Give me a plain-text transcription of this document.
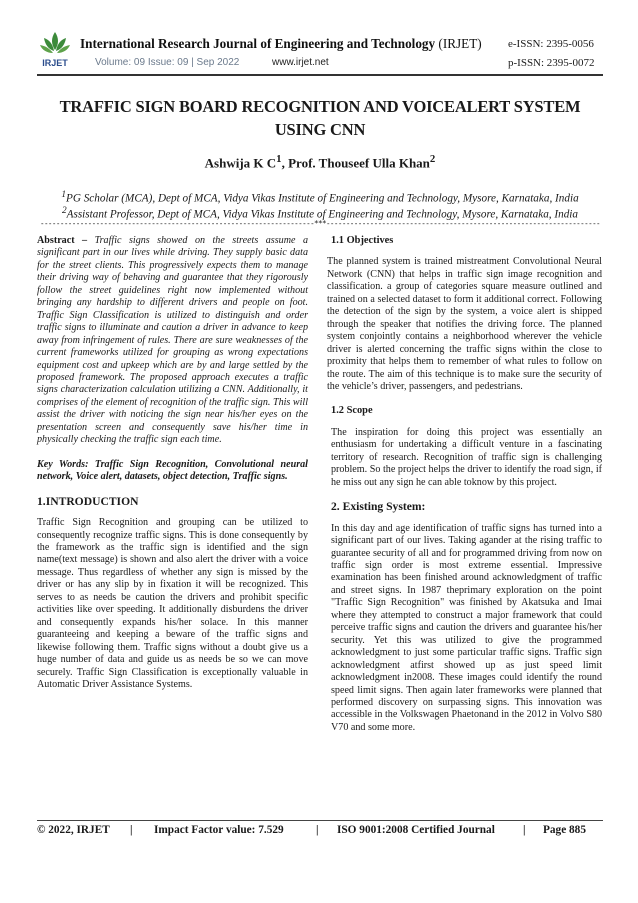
IRJET
International Research Journal of Engineering and Technology (IRJET) e-ISSN: 2395-0056
Volume: 09 Issue: 09 | Sep 2022	www.irjet.net	p-ISSN: 2395-0072
TRAFFIC SIGN BOARD RECOGNITION AND VOICEALERT SYSTEM USING CNN
Ashwija K $C^1$, Prof. Thouseef Ulla Khan$^2$
$^1$PG Scholar (MCA), Dept of MCA, Vidya Vikas Institute of Engineering and Technology, Mysore, Karnataka, India
$^2$Assistant Professor, Dept of MCA, Vidya Vikas Institute of Engineering and Technology, Mysore, Karnataka, India
---------------------------------------------------------------------***---------------------------------------------------------------------

Abstract – Traffic signs showed on the streets assume a significant part in our lives while driving. They supply basic data for the street clients. This progressively expects them to manage their driving way of behaving and guarantee that they rigorously follow the street guidelines right now implemented without bringing any hardship to different drivers and people on foot. Traffic Sign Classification is utilized to distinguish and order traffic signs to illuminate and caution a driver in advance to keep away from infringement of rules. There are sure weaknesses of the current frameworks utilized for grouping as wrong expectations equipment cost and upkeep which are by and large settled by the proposed framework. The proposed approach executes a traffic signs characterization calculation utilizing a CNN. Additionally, it comprises of the element of recognition of the traffic sign. This will assist the driver with noticing the sign near his/her eyes on the presentation screen and consequently save his/her time in physically checking the traffic sign each time.

Key Words: Traffic Sign Recognition, Convolutional neural network, Voice alert, datasets, object detection, Traffic signs.

1.INTRODUCTION

Traffic Sign Recognition and grouping can be utilized to consequently recognize traffic signs. This is done consequently by the framework as the traffic sign is identified and the sign name(text message) is shown and also alert the driver with a voice message. Thus regardless of whether any sign is missed by the driver or has any slip by in fixation it will be recognized. This serves to as needs be caution the drivers and prohibit specific activities like over speeding. It additionally disburdens the driver and consequently expands his/her solace. In this manner guaranteeing and keeping a beware of the traffic signs and likewise following them. Traffic signs without a doubt give us a huge number of data and guide us as needs be so we can move securely. Traffic Sign Classification is exceptionally valuable in Automatic Driver Assistance Systems.

1.1 Objectives

The planned system is trained mistreatment Convolutional Neural Network (CNN) that helps in traffic sign image recognition and classification. a group of categories square measure outlined and trained on a selected dataset to form it additional correct. Following the detection of the sign by the system, a voice alert is shipped through the speaker that notifies the driving force. The planned system conjointly contains a neighborhood wherever the vehicle driver is alerted concerning the traffic signs within the close to proximity that helps them to remember of what rules to follow on the route. The aim of this technique is to make sure the security of the vehicle’s driver, passengers, and pedestrians.

1.2 Scope

The inspiration for doing this project was essentially an enthusiasm for undertaking a difficult venture in a fascinating territory of research. Recognition of traffic sign is challenging problem. So the project helps the driver to identify the road sign, if he miss out any sign he can able toknow by this project.

2. Existing System:

In this day and age identification of traffic signs has turned into a significant part of our lives. Taking agander at the rising traffic to guarantee security of all and for programmed driving from now on traffic sign order is most extreme essential. Impressive examination has been finished around acknowledgment of traffic and street signs. In 1987 theprimary exploration on the point "Traffic Sign Recognition" was finished by Akatsuka and Imai where they attempted to construct a major framework that could perceive traffic signs and caution the drivers and guarantee his/her security. Yet this was utilized to give the programmed acknowledgment to just some particular traffic signs. Traffic sign acknowledgment atfirst showed up as just speed limit acknowledgment in2008. These images could identify the round speed limit signs. Then again later frameworks were planned that performed discovery on surpassing signs. This innovation was accessible in the Volkswagen Phaetonand in the 2012 in Volvo S80 V70 and some more.

© 2022, IRJET | Impact Factor value: 7.529	| ISO 9001:2008 Certified Journal | Page 885
